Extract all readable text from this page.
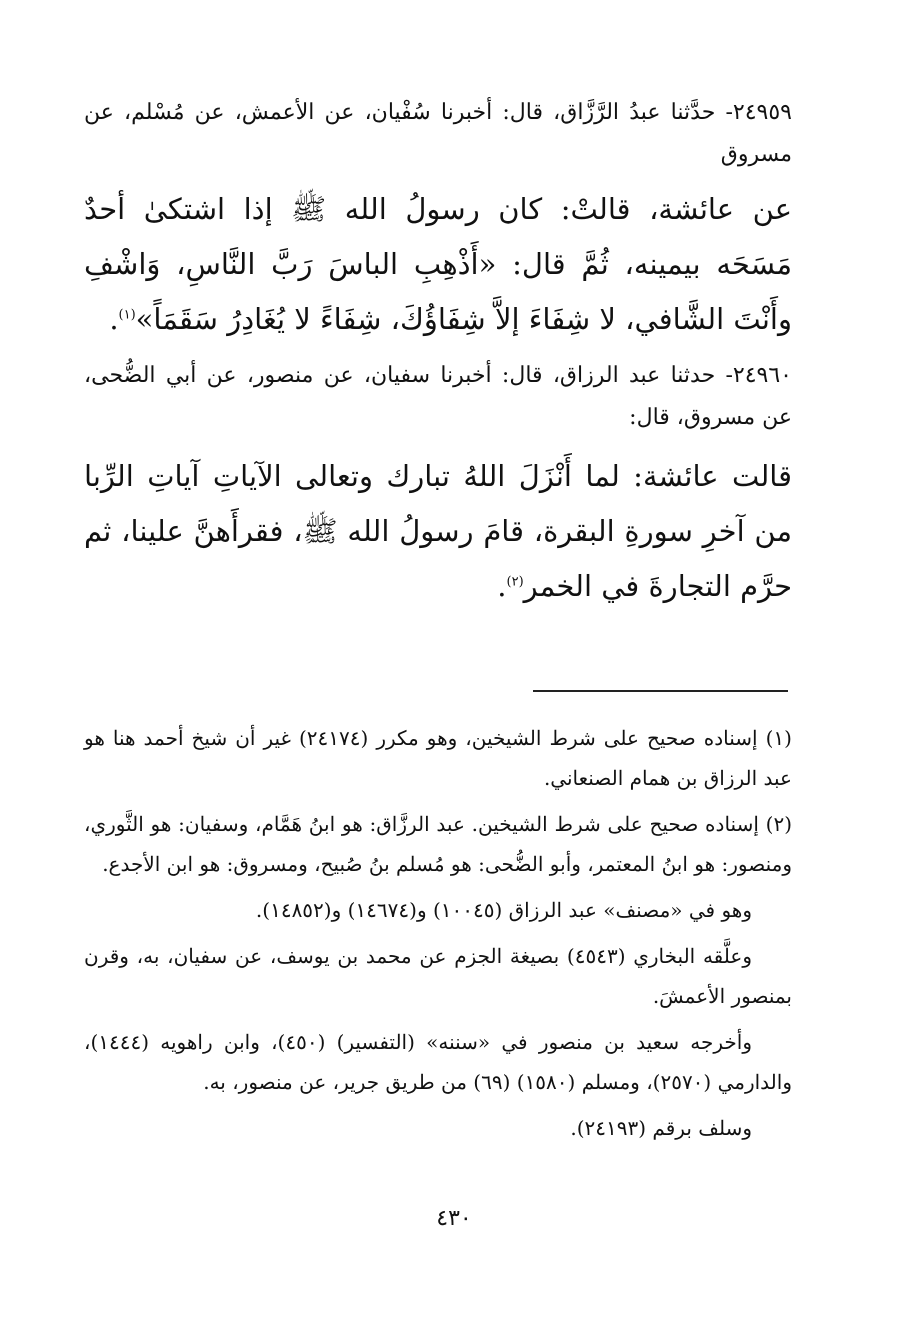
٢٤٩٥٩- حدَّثنا عبدُ الرَّزَّاق، قال: أخبرنا سُفْيان، عن الأعمش، عن مُسْلم، عن مسروق

عن عائشة، قالتْ: كان رسولُ الله ﷺ إذا اشتكىٰ أحدٌ مَسَحَه بيمينه، ثُمَّ قال: «أَذْهِبِ الباسَ رَبَّ النَّاسِ، وَاشْفِ وأَنْتَ الشَّافي، لا شِفَاءَ إلاَّ شِفَاؤُكَ، شِفَاءً لا يُغَادِرُ سَقَمَاً»$^{(١)}$.

٢٤٩٦٠- حدثنا عبد الرزاق، قال: أخبرنا سفيان، عن منصور، عن أبي الضُّحى، عن مسروق، قال:

قالت عائشة: لما أَنْزَلَ اللهُ تبارك وتعالى الآياتِ آياتِ الرِّبا من آخرِ سورةِ البقرة، قامَ رسولُ الله ﷺ، فقرأَهنَّ علينا، ثم حرَّم التجارةَ في الخمر$^{(٢)}$.

(١) إسناده صحيح على شرط الشيخين، وهو مكرر (٢٤١٧٤) غير أن شيخ أحمد هنا هو عبد الرزاق بن همام الصنعاني.

(٢) إسناده صحيح على شرط الشيخين. عبد الرزَّاق: هو ابنُ هَمَّام، وسفيان: هو الثَّوري، ومنصور: هو ابنُ المعتمر، وأبو الضُّحى: هو مُسلم بنُ صُبيح، ومسروق: هو ابن الأجدع.

وهو في «مصنف» عبد الرزاق (١٠٠٤٥) و(١٤٦٧٤) و(١٤٨٥٢).

وعلَّقه البخاري (٤٥٤٣) بصيغة الجزم عن محمد بن يوسف، عن سفيان، به، وقرن بمنصور الأعمشَ.

وأخرجه سعيد بن منصور في «سننه» (التفسير) (٤٥٠)، وابن راهويه (١٤٤٤)، والدارمي (٢٥٧٠)، ومسلم (١٥٨٠) (٦٩) من طريق جرير، عن منصور، به.

وسلف برقم (٢٤١٩٣).

٤٣٠
